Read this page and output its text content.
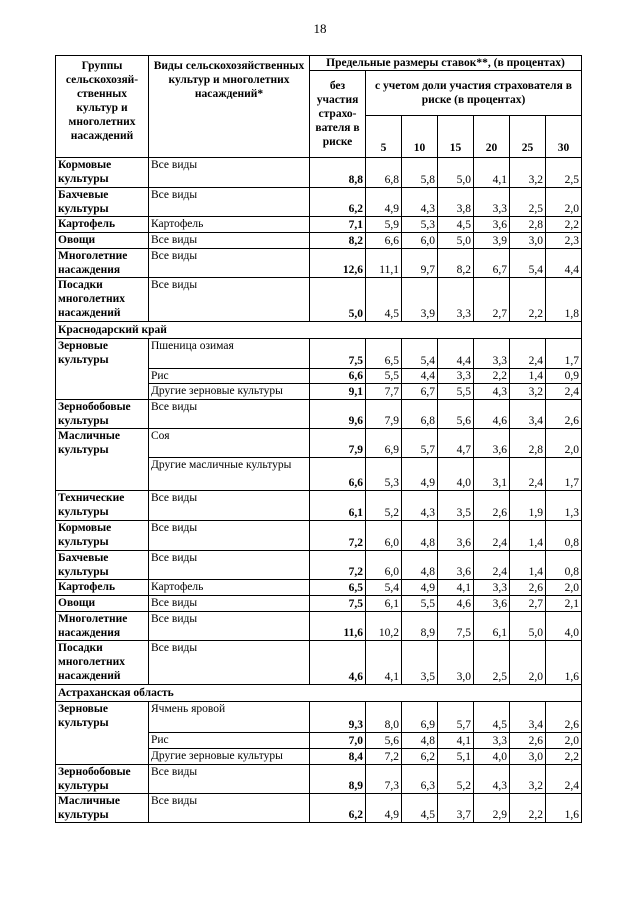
18
Группы сельскохозяй-ственных культур и многолетних насаждений	Виды сельскохозяйственных культур и многолетних насаждений*	Предельные размеры ставок**, (в процентах)						
		без участия страхо-вателя в риске	с учетом доли участия страхователя в риске (в процентах)					
			5	10	15	20	25	30
Кормовые культуры	Все виды	8,8	6,8	5,8	5,0	4,1	3,2	2,5
Бахчевые культуры	Все виды	6,2	4,9	4,3	3,8	3,3	2,5	2,0
Картофель	Картофель	7,1	5,9	5,3	4,5	3,6	2,8	2,2
Овощи	Все виды	8,2	6,6	6,0	5,0	3,9	3,0	2,3
Многолетние насаждения	Все виды	12,6	11,1	9,7	8,2	6,7	5,4	4,4
Посадки многолетних насаждений	Все виды	5,0	4,5	3,9	3,3	2,7	2,2	1,8
Краснодарский край								
Зерновые культуры	Пшеница озимая	7,5	6,5	5,4	4,4	3,3	2,4	1,7
	Рис	6,6	5,5	4,4	3,3	2,2	1,4	0,9
	Другие зерновые культуры	9,1	7,7	6,7	5,5	4,3	3,2	2,4
Зернобобовые культуры	Все виды	9,6	7,9	6,8	5,6	4,6	3,4	2,6
Масличные культуры	Соя	7,9	6,9	5,7	4,7	3,6	2,8	2,0
	Другие масличные культуры	6,6	5,3	4,9	4,0	3,1	2,4	1,7
Технические культуры	Все виды	6,1	5,2	4,3	3,5	2,6	1,9	1,3
Кормовые культуры	Все виды	7,2	6,0	4,8	3,6	2,4	1,4	0,8
Бахчевые культуры	Все виды	7,2	6,0	4,8	3,6	2,4	1,4	0,8
Картофель	Картофель	6,5	5,4	4,9	4,1	3,3	2,6	2,0
Овощи	Все виды	7,5	6,1	5,5	4,6	3,6	2,7	2,1
Многолетние насаждения	Все виды	11,6	10,2	8,9	7,5	6,1	5,0	4,0
Посадки многолетних насаждений	Все виды	4,6	4,1	3,5	3,0	2,5	2,0	1,6
Астраханская область								
Зерновые культуры	Ячмень яровой	9,3	8,0	6,9	5,7	4,5	3,4	2,6
	Рис	7,0	5,6	4,8	4,1	3,3	2,6	2,0
	Другие зерновые культуры	8,4	7,2	6,2	5,1	4,0	3,0	2,2
Зернобобовые культуры	Все виды	8,9	7,3	6,3	5,2	4,3	3,2	2,4
Масличные культуры	Все виды	6,2	4,9	4,5	3,7	2,9	2,2	1,6
